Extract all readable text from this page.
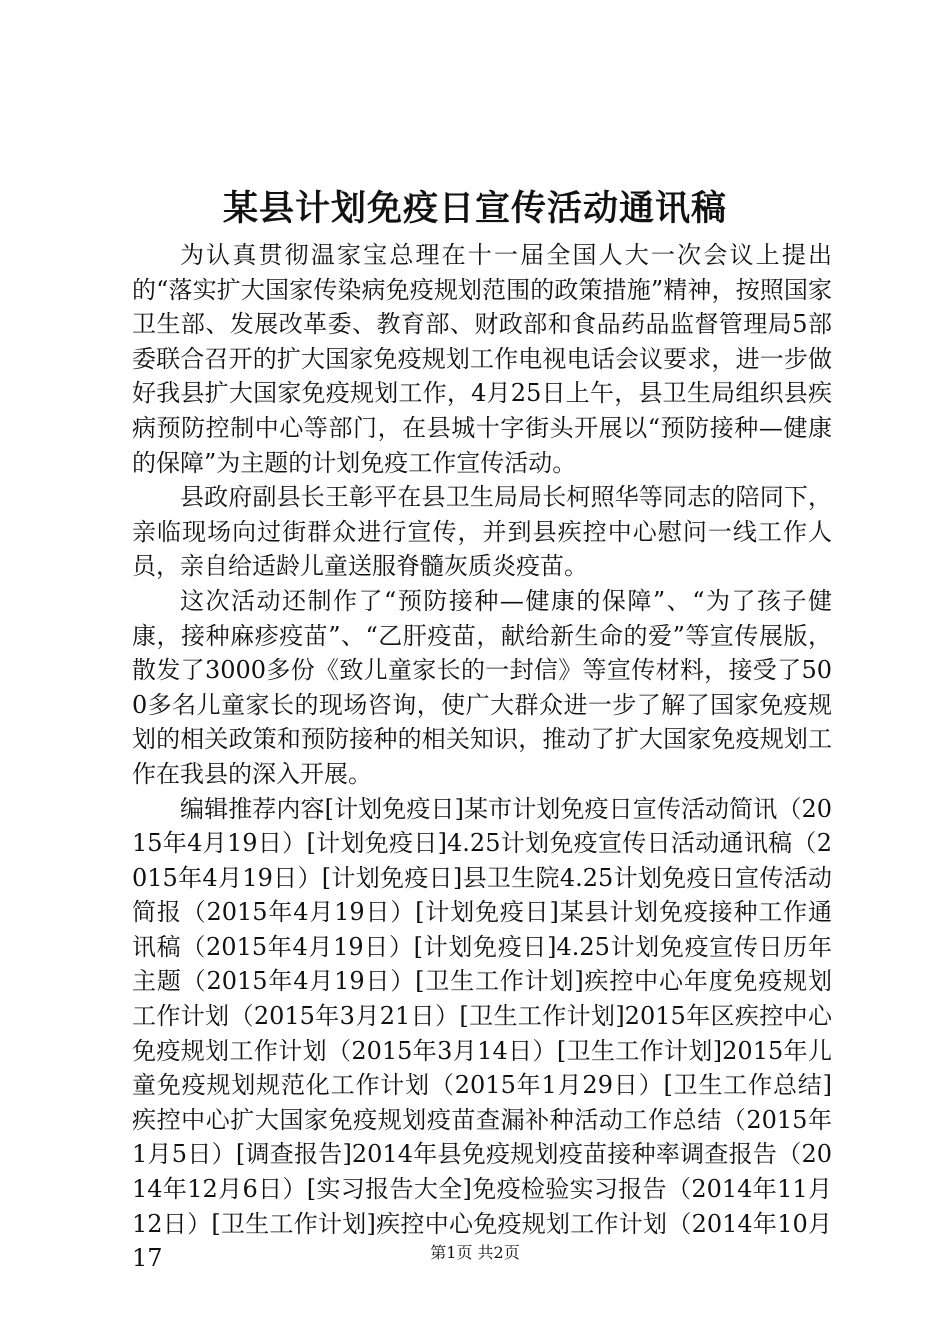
某县计划免疫日宣传活动通讯稿

为认真贯彻温家宝总理在十一届全国人大一次会议上提出的“落实扩大国家传染病免疫规划范围的政策措施”精神，按照国家卫生部、发展改革委、教育部、财政部和食品药品监督管理局5部委联合召开的扩大国家免疫规划工作电视电话会议要求，进一步做好我县扩大国家免疫规划工作，4月25日上午，县卫生局组织县疾病预防控制中心等部门，在县城十字街头开展以“预防接种—健康的保障”为主题的计划免疫工作宣传活动。

县政府副县长王彰平在县卫生局局长柯照华等同志的陪同下，亲临现场向过街群众进行宣传，并到县疾控中心慰问一线工作人员，亲自给适龄儿童送服脊髓灰质炎疫苗。

这次活动还制作了“预防接种—健康的保障”、“为了孩子健康，接种麻疹疫苗”、“乙肝疫苗，献给新生命的爱”等宣传展版，散发了3000多份《致儿童家长的一封信》等宣传材料，接受了500多名儿童家长的现场咨询，使广大群众进一步了解了国家免疫规划的相关政策和预防接种的相关知识，推动了扩大国家免疫规划工作在我县的深入开展。

编辑推荐内容[计划免疫日]某市计划免疫日宣传活动简讯（2015年4月19日）[计划免疫日]4.25计划免疫宣传日活动通讯稿（2015年4月19日）[计划免疫日]县卫生院4.25计划免疫日宣传活动简报（2015年4月19日）[计划免疫日]某县计划免疫接种工作通讯稿（2015年4月19日）[计划免疫日]4.25计划免疫宣传日历年主题（2015年4月19日）[卫生工作计划]疾控中心年度免疫规划工作计划（2015年3月21日）[卫生工作计划]2015年区疾控中心免疫规划工作计划（2015年3月14日）[卫生工作计划]2015年儿童免疫规划规范化工作计划（2015年1月29日）[卫生工作总结]疾控中心扩大国家免疫规划疫苗查漏补种活动工作总结（2015年1月5日）[调查报告]2014年县免疫规划疫苗接种率调查报告（2014年12月6日）[实习报告大全]免疫检验实习报告（2014年11月12日）[卫生工作计划]疾控中心免疫规划工作计划（2014年10月17	第1页 共2页
